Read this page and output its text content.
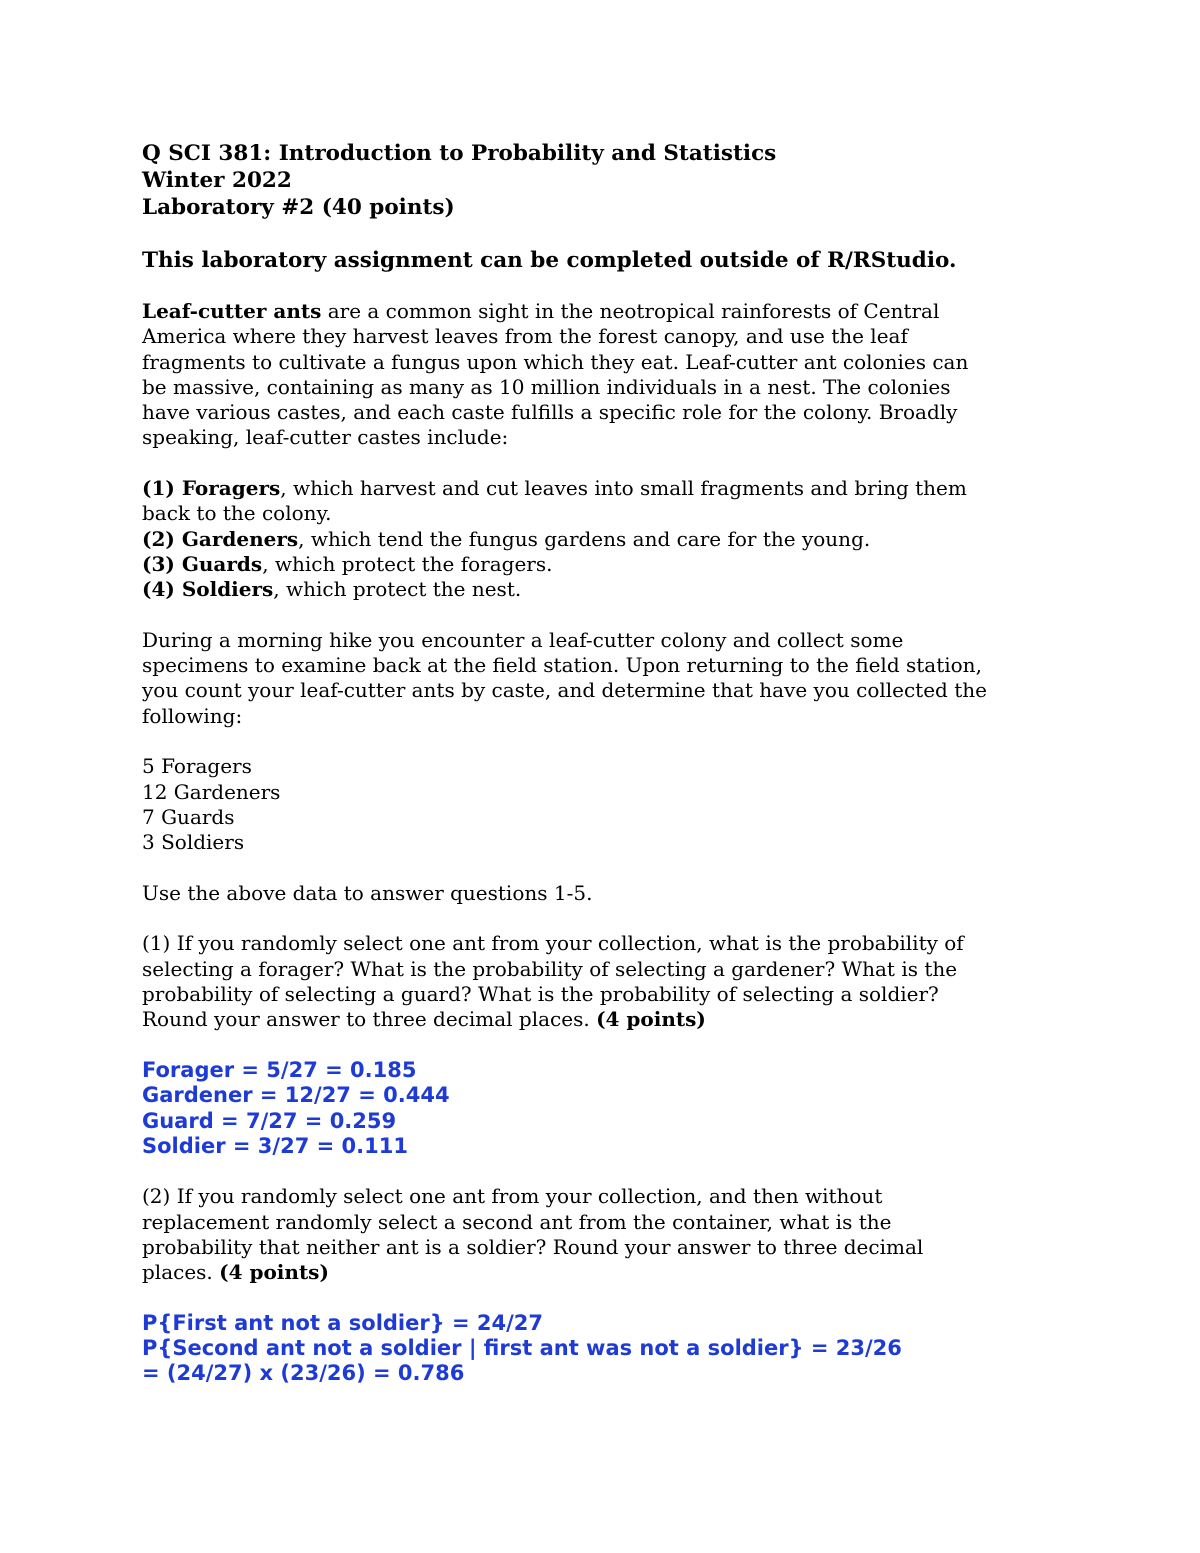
Q SCI 381: Introduction to Probability and Statistics
Winter 2022
Laboratory #2 (40 points)
This laboratory assignment can be completed outside of R/RStudio.
Leaf-cutter ants are a common sight in the neotropical rainforests of Central
America where they harvest leaves from the forest canopy, and use the leaf
fragments to cultivate a fungus upon which they eat. Leaf-cutter ant colonies can
be massive, containing as many as 10 million individuals in a nest. The colonies
have various castes, and each caste fulfills a specific role for the colony. Broadly
speaking, leaf-cutter castes include:
(1) Foragers, which harvest and cut leaves into small fragments and bring them
back to the colony.
(2) Gardeners, which tend the fungus gardens and care for the young.
(3) Guards, which protect the foragers.
(4) Soldiers, which protect the nest.
During a morning hike you encounter a leaf-cutter colony and collect some
specimens to examine back at the field station. Upon returning to the field station,
you count your leaf-cutter ants by caste, and determine that have you collected the
following:
5 Foragers
12 Gardeners
7 Guards
3 Soldiers
Use the above data to answer questions 1-5.
(1) If you randomly select one ant from your collection, what is the probability of
selecting a forager? What is the probability of selecting a gardener? What is the
probability of selecting a guard? What is the probability of selecting a soldier?
Round your answer to three decimal places. (4 points)
Forager = 5/27 = 0.185
Gardener = 12/27 = 0.444
Guard = 7/27 = 0.259
Soldier = 3/27 = 0.111
(2) If you randomly select one ant from your collection, and then without
replacement randomly select a second ant from the container, what is the
probability that neither ant is a soldier? Round your answer to three decimal
places. (4 points)
P{First ant not a soldier} = 24/27
P{Second ant not a soldier | first ant was not a soldier} = 23/26
= (24/27) x (23/26) = 0.786
